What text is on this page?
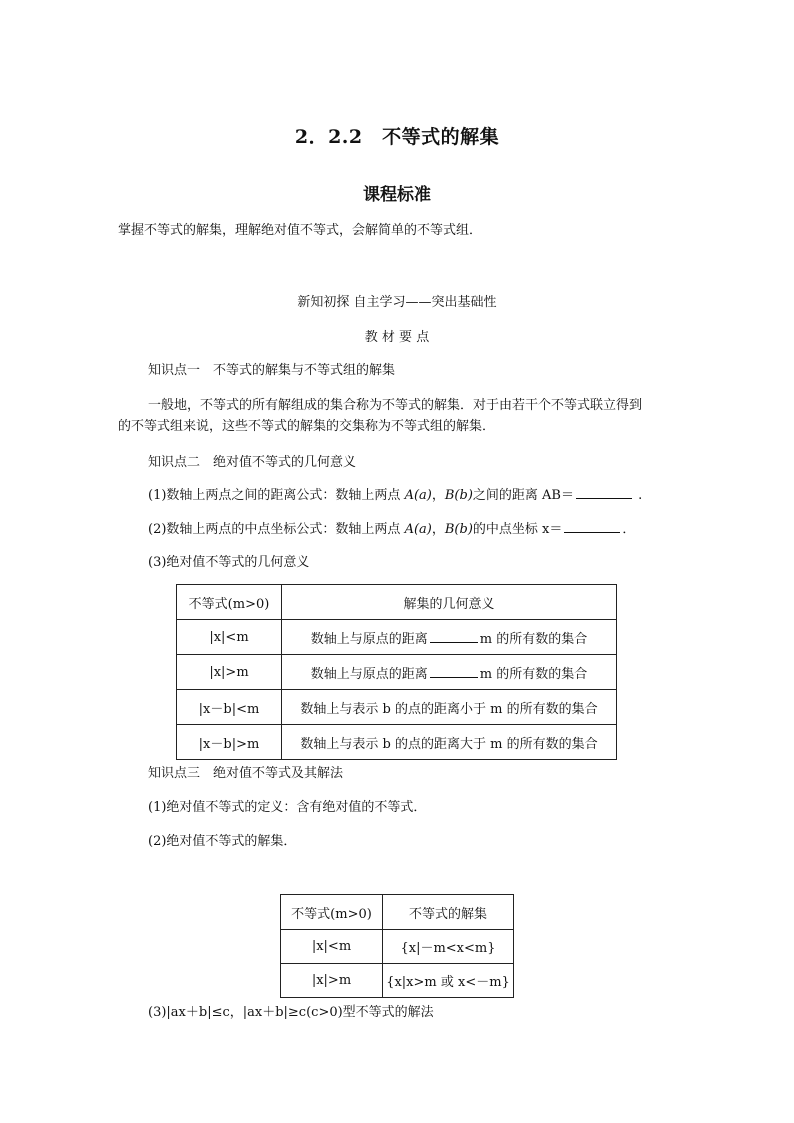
2．2.2　不等式的解集
课程标准
掌握不等式的解集，理解绝对值不等式，会解简单的不等式组．
新知初探 自主学习——突出基础性
教 材 要 点
知识点一　不等式的解集与不等式组的解集
一般地，不等式的所有解组成的集合称为不等式的解集．对于由若干个不等式联立得到
的不等式组来说，这些不等式的解集的交集称为不等式组的解集．
知识点二　绝对值不等式的几何意义
(1)数轴上两点之间的距离公式：数轴上两点 A(a)，B(b)之间的距离 AB＝	.
(2)数轴上两点的中点坐标公式：数轴上两点 A(a)，B(b)的中点坐标 x＝	．
(3)绝对值不等式的几何意义
不等式(m>0)	解集的几何意义
|x|<m	数轴上与原点的距离 m 的所有数的集合
|x|>m	数轴上与原点的距离 m 的所有数的集合
|x－b|<m	数轴上与表示 b 的点的距离小于 m 的所有数的集合
|x－b|>m	数轴上与表示 b 的点的距离大于 m 的所有数的集合
知识点三　绝对值不等式及其解法
(1)绝对值不等式的定义：含有绝对值的不等式．
(2)绝对值不等式的解集．
不等式(m>0)	不等式的解集
|x|<m	{x|－m<x<m}
|x|>m	{x|x>m 或 x<－m}
(3)|ax＋b|≤c，|ax＋b|≥c(c>0)型不等式的解法
